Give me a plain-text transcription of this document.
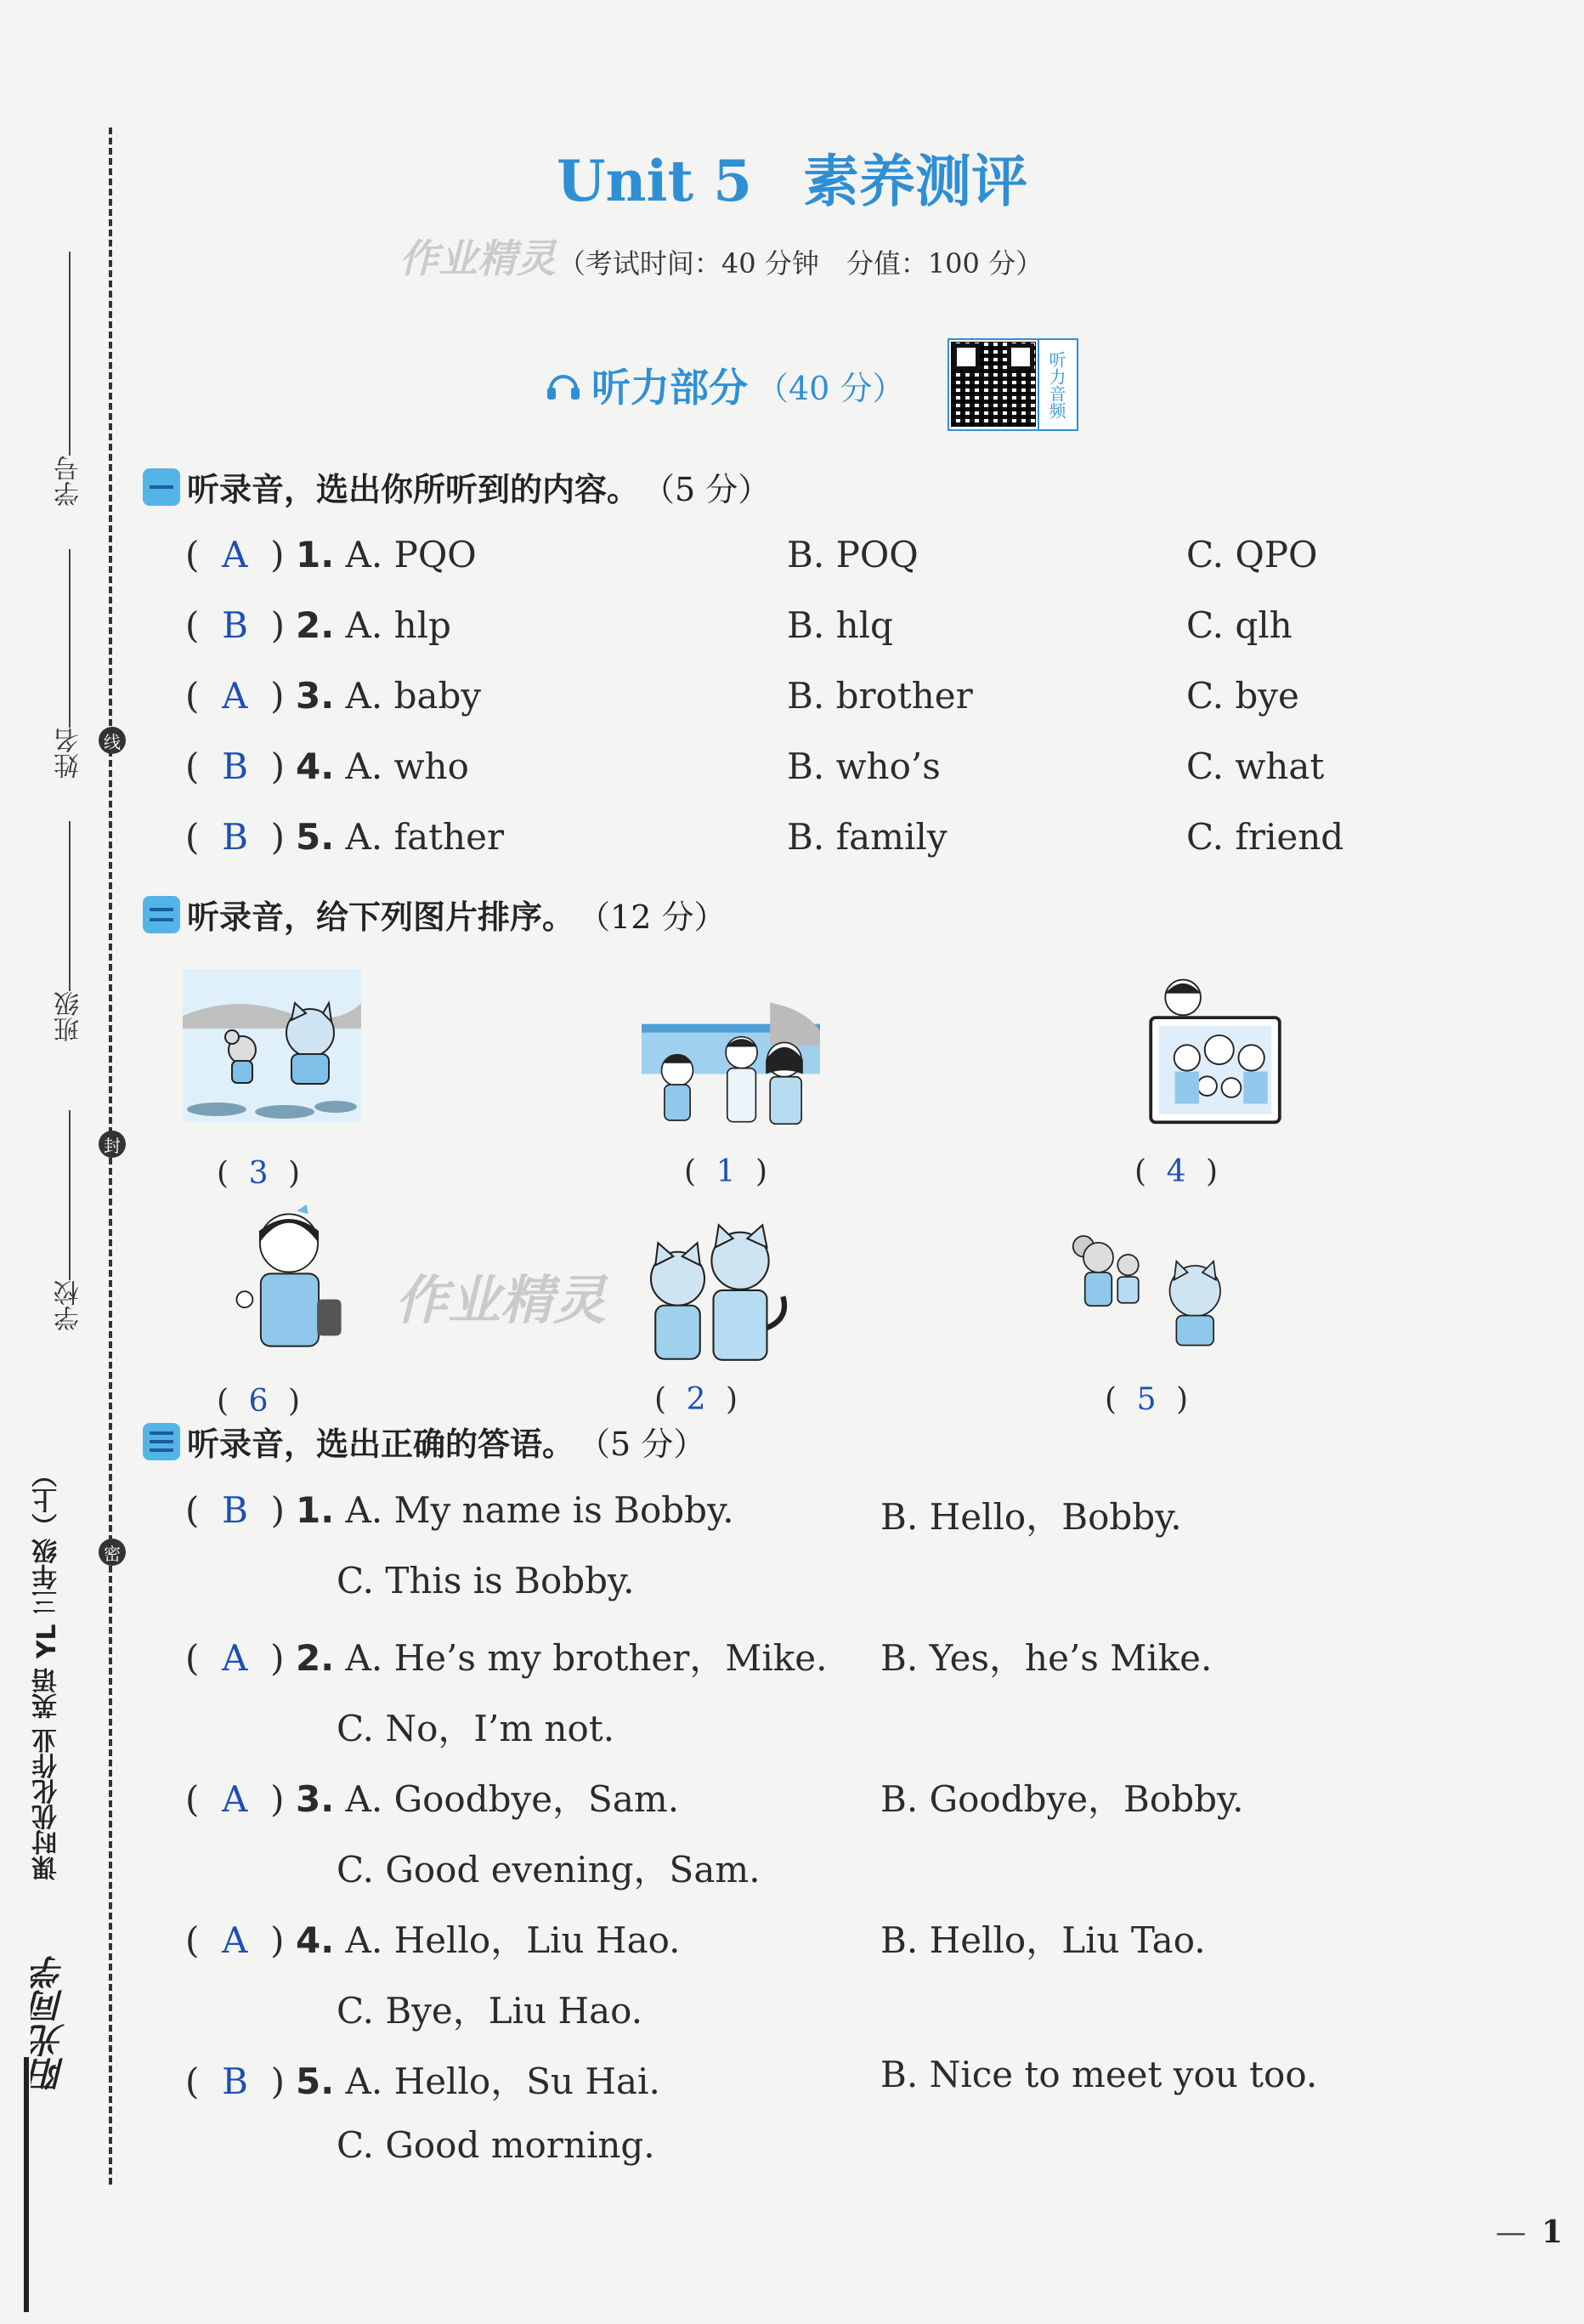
学号
姓名
班级
学校
线
封
密
课时优化作业 英语 YL 三年级（上）
阳光同学
Unit 5 素养测评
（考试时间：40 分钟　分值：100 分）
作业精灵
听力部分 （40 分）	听力音频
听录音，选出你所听到的内容。 （5 分）
(  A  ) 1. A. PQO	B. POQ	C. QPO
(  B  ) 2. A. hlp	B. hlq	C. qlh
(  A  ) 3. A. baby	B. brother	C. bye
(  B  ) 4. A. who	B. who’s	C. what
(  B  ) 5. A. father	B. family	C. friend
听录音，给下列图片排序。 （12 分）
( 3 )	( 1 )	( 4 )
( 6 )
作业精灵
( 2 )	( 5 )
听录音，选出正确的答语。 （5 分）
(  B  ) 1. A. My name is Bobby.	B. Hello，Bobby.
C. This is Bobby.
(  A  ) 2. A. He’s my brother，Mike. B. Yes，he’s Mike.
C. No，I’m not.
(  A  ) 3. A. Goodbye，Sam.	B. Goodbye，Bobby.
C. Good evening，Sam.
(  A  ) 4. A. Hello，Liu Hao.	B. Hello，Liu Tao.
C. Bye，Liu Hao.
(  B  ) 5. A. Hello，Su Hai.	B. Nice to meet you too.
C. Good morning.
— 1
